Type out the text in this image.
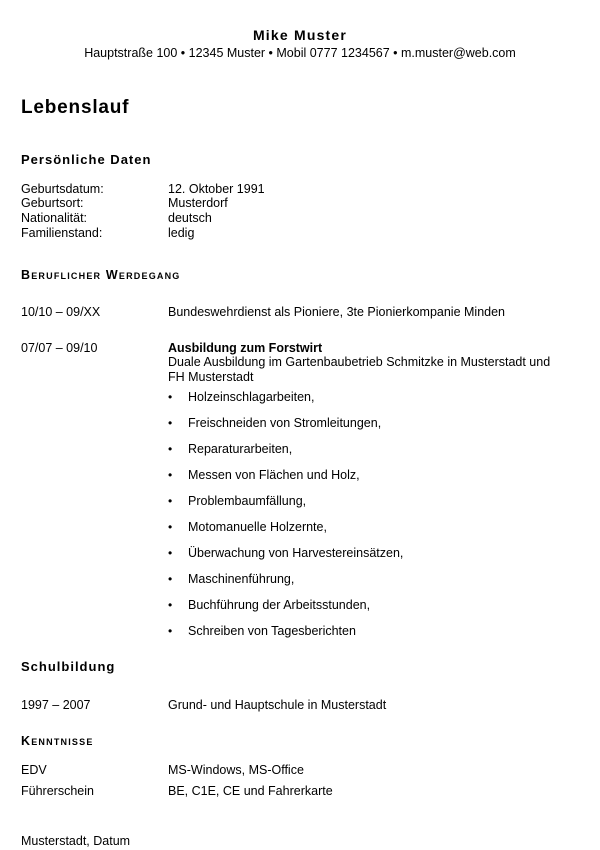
Mike Muster
Hauptstraße 100 • 12345 Muster • Mobil 0777 1234567 • m.muster@web.com
Lebenslauf
Persönliche Daten
Geburtsdatum:	12. Oktober 1991
Geburtsort:	Musterdorf
Nationalität:	deutsch
Familienstand:	ledig
Beruflicher Werdegang
10/10 – 09/XX	Bundeswehrdienst als Pioniere, 3te Pionierkompanie Minden
07/07 – 09/10	Ausbildung zum Forstwirt
Duale Ausbildung im Gartenbaubetrieb Schmitzke in Musterstadt und
FH Musterstadt
• Holzeinschlagarbeiten,
• Freischneiden von Stromleitungen,
• Reparaturarbeiten,
• Messen von Flächen und Holz,
• Problembaumfällung,
• Motomanuelle Holzernte,
• Überwachung von Harvestereinsätzen,
• Maschinenführung,
• Buchführung der Arbeitsstunden,
• Schreiben von Tagesberichten
Schulbildung
1997 – 2007	Grund- und Hauptschule in Musterstadt
Kenntnisse
EDV	MS-Windows, MS-Office
Führerschein	BE, C1E, CE und Fahrerkarte
Musterstadt, Datum
